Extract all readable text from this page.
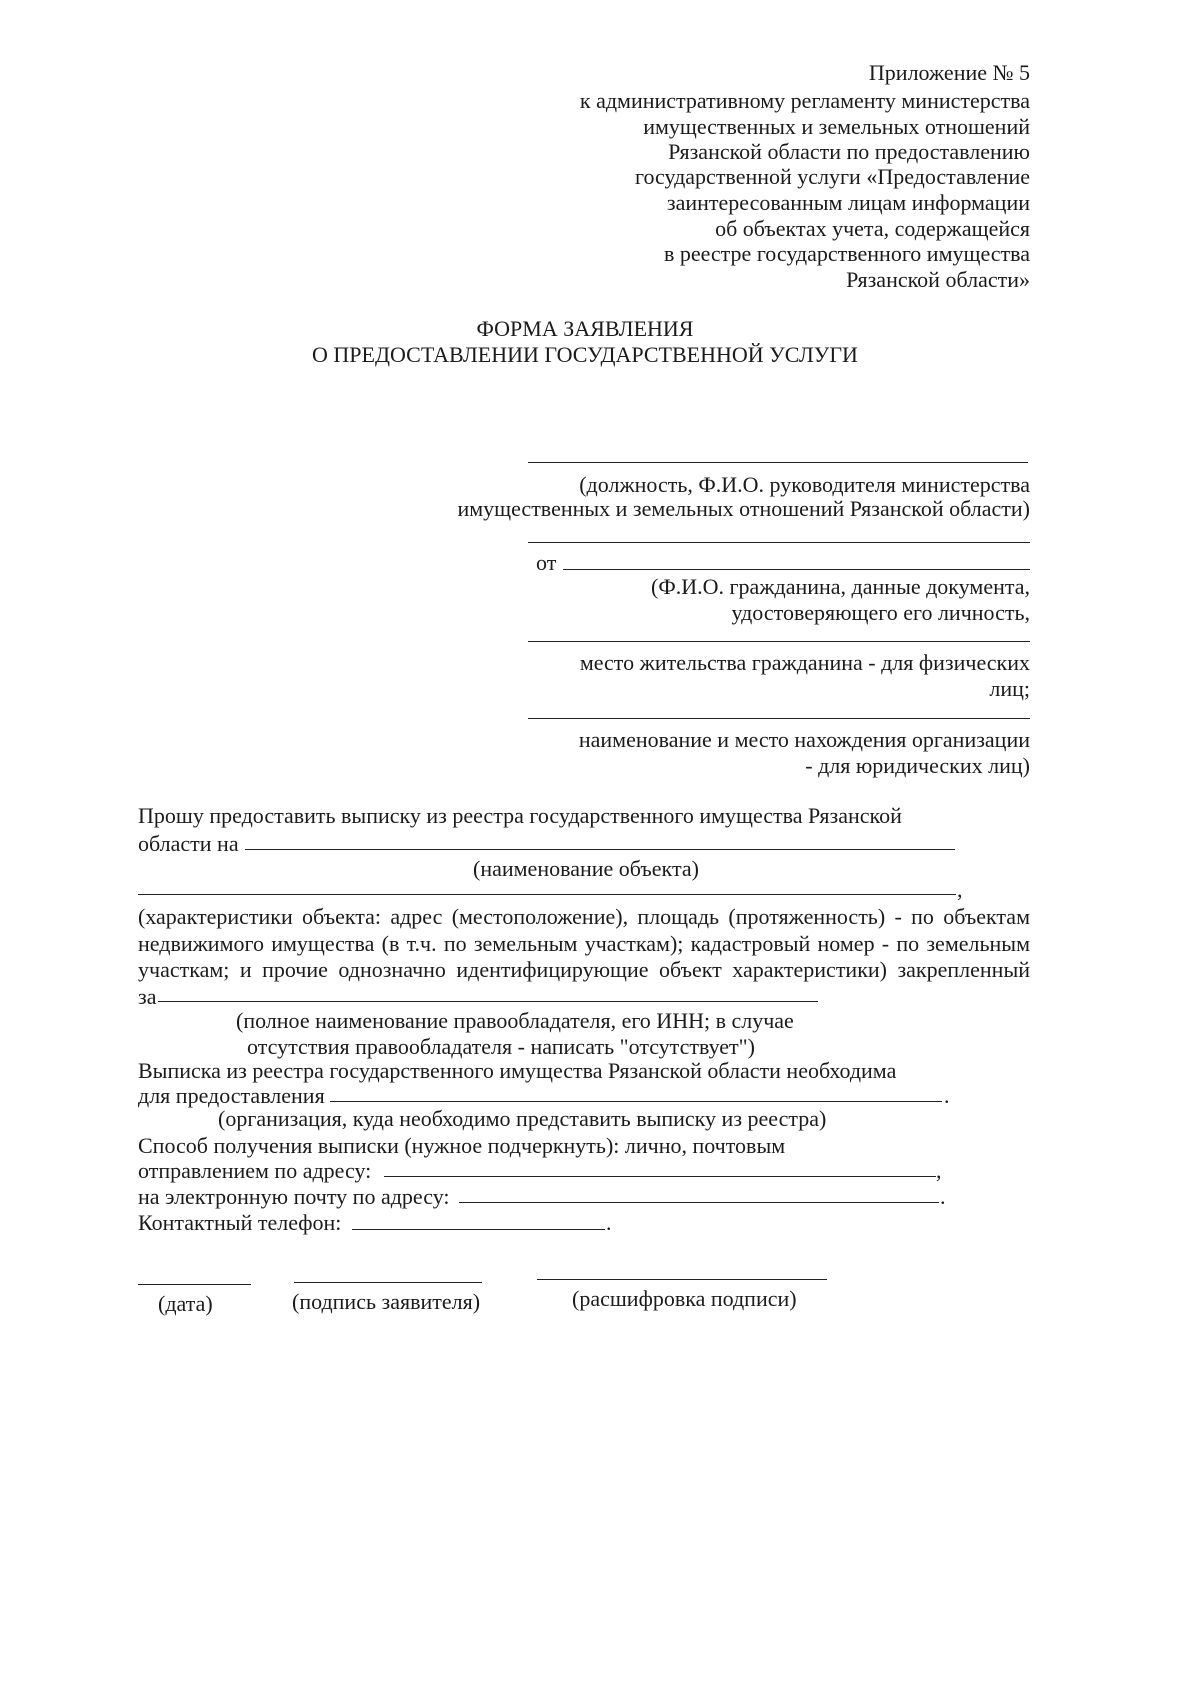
Приложение № 5
к административному регламенту министерства
имущественных и земельных отношений
Рязанской области по предоставлению
государственной услуги «Предоставление
заинтересованным лицам информации
об объектах учета, содержащейся
в реестре государственного имущества
Рязанской области»
ФОРМА ЗАЯВЛЕНИЯ
О ПРЕДОСТАВЛЕНИИ ГОСУДАРСТВЕННОЙ УСЛУГИ
(должность, Ф.И.О. руководителя министерства
имущественных и земельных отношений Рязанской области)
от
(Ф.И.О. гражданина, данные документа,
удостоверяющего его личность,
место жительства гражданина - для физических
лиц;
наименование и место нахождения организации
- для юридических лиц)
Прошу предоставить выписку из реестра государственного имущества Рязанской
области на
(наименование объекта)
,
(характеристики объекта: адрес (местоположение), площадь (протяженность) - по объектам
недвижимого имущества (в т.ч. по земельным участкам); кадастровый номер - по земельным
участкам; и прочие однозначно идентифицирующие объект характеристики) закрепленный
за
(полное наименование правообладателя, его ИНН; в случае
отсутствия правообладателя - написать "отсутствует")
Выписка из реестра государственного имущества Рязанской области необходима
для предоставления	.
(организация, куда необходимо представить выписку из реестра)
Способ получения выписки (нужное подчеркнуть): лично, почтовым
отправлением по адресу:	,
на электронную почту по адресу:	.
Контактный телефон:	.
(дата)	(подпись заявителя)	(расшифровка подписи)
